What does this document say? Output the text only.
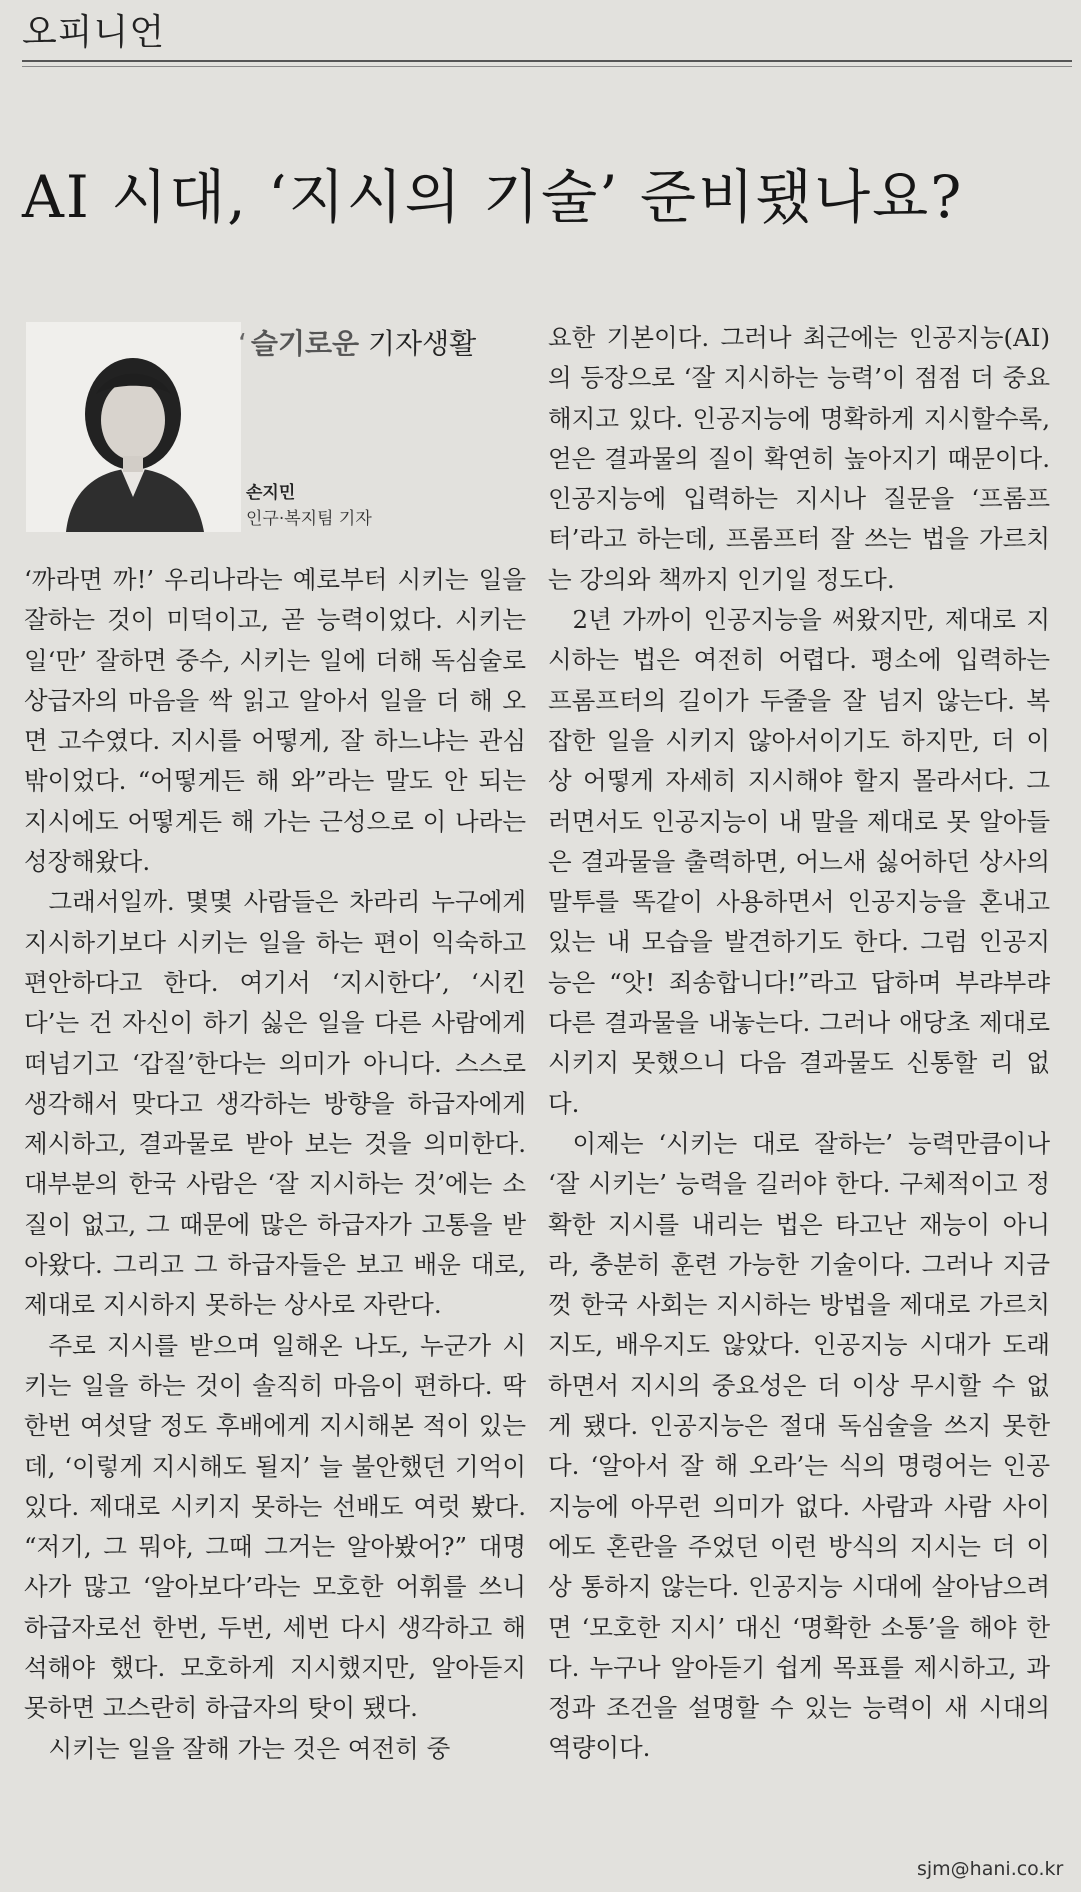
오피니언
AI 시대, ‘지시의 기술’ 준비됐나요?
‘ 슬기로운 기자생활
손지민
인구·복지팀 기자

‘까라면 까!’ 우리나라는 예로부터 시키는 일을 잘하는 것이 미덕이고, 곧 능력이었다. 시키는 일‘만’ 잘하면 중수, 시키는 일에 더해 독심술로 상급자의 마음을 싹 읽고 알아서 일을 더 해 오면 고수였다. 지시를 어떻게, 잘 하느냐는 관심 밖이었다. “어떻게든 해 와”라는 말도 안 되는 지시에도 어떻게든 해 가는 근성으로 이 나라는 성장해왔다.

그래서일까. 몇몇 사람들은 차라리 누구에게 지시하기보다 시키는 일을 하는 편이 익숙하고 편안하다고 한다. 여기서 ‘지시한다’, ‘시킨다’는 건 자신이 하기 싫은 일을 다른 사람에게 떠넘기고 ‘갑질’한다는 의미가 아니다. 스스로 생각해서 맞다고 생각하는 방향을 하급자에게 제시하고, 결과물로 받아 보는 것을 의미한다. 대부분의 한국 사람은 ‘잘 지시하는 것’에는 소질이 없고, 그 때문에 많은 하급자가 고통을 받아왔다. 그리고 그 하급자들은 보고 배운 대로, 제대로 지시하지 못하는 상사로 자란다.

주로 지시를 받으며 일해온 나도, 누군가 시키는 일을 하는 것이 솔직히 마음이 편하다. 딱 한번 여섯달 정도 후배에게 지시해본 적이 있는데, ‘이렇게 지시해도 될지’ 늘 불안했던 기억이 있다. 제대로 시키지 못하는 선배도 여럿 봤다. “저기, 그 뭐야, 그때 그거는 알아봤어?” 대명사가 많고 ‘알아보다’라는 모호한 어휘를 쓰니 하급자로선 한번, 두번, 세번 다시 생각하고 해석해야 했다. 모호하게 지시했지만, 알아듣지 못하면 고스란히 하급자의 탓이 됐다.

시키는 일을 잘해 가는 것은 여전히 중

요한 기본이다. 그러나 최근에는 인공지능(AI)의 등장으로 ‘잘 지시하는 능력’이 점점 더 중요해지고 있다. 인공지능에 명확하게 지시할수록, 얻은 결과물의 질이 확연히 높아지기 때문이다. 인공지능에 입력하는 지시나 질문을 ‘프롬프터’라고 하는데, 프롬프터 잘 쓰는 법을 가르치는 강의와 책까지 인기일 정도다.

2년 가까이 인공지능을 써왔지만, 제대로 지시하는 법은 여전히 어렵다. 평소에 입력하는 프롬프터의 길이가 두줄을 잘 넘지 않는다. 복잡한 일을 시키지 않아서이기도 하지만, 더 이상 어떻게 자세히 지시해야 할지 몰라서다. 그러면서도 인공지능이 내 말을 제대로 못 알아들은 결과물을 출력하면, 어느새 싫어하던 상사의 말투를 똑같이 사용하면서 인공지능을 혼내고 있는 내 모습을 발견하기도 한다. 그럼 인공지능은 “앗! 죄송합니다!”라고 답하며 부랴부랴 다른 결과물을 내놓는다. 그러나 애당초 제대로 시키지 못했으니 다음 결과물도 신통할 리 없다.

이제는 ‘시키는 대로 잘하는’ 능력만큼이나 ‘잘 시키는’ 능력을 길러야 한다. 구체적이고 정확한 지시를 내리는 법은 타고난 재능이 아니라, 충분히 훈련 가능한 기술이다. 그러나 지금껏 한국 사회는 지시하는 방법을 제대로 가르치지도, 배우지도 않았다. 인공지능 시대가 도래하면서 지시의 중요성은 더 이상 무시할 수 없게 됐다. 인공지능은 절대 독심술을 쓰지 못한다. ‘알아서 잘 해 오라’는 식의 명령어는 인공지능에 아무런 의미가 없다. 사람과 사람 사이에도 혼란을 주었던 이런 방식의 지시는 더 이상 통하지 않는다. 인공지능 시대에 살아남으려면 ‘모호한 지시’ 대신 ‘명확한 소통’을 해야 한다. 누구나 알아듣기 쉽게 목표를 제시하고, 과정과 조건을 설명할 수 있는 능력이 새 시대의 역량이다.

sjm@hani.co.kr
